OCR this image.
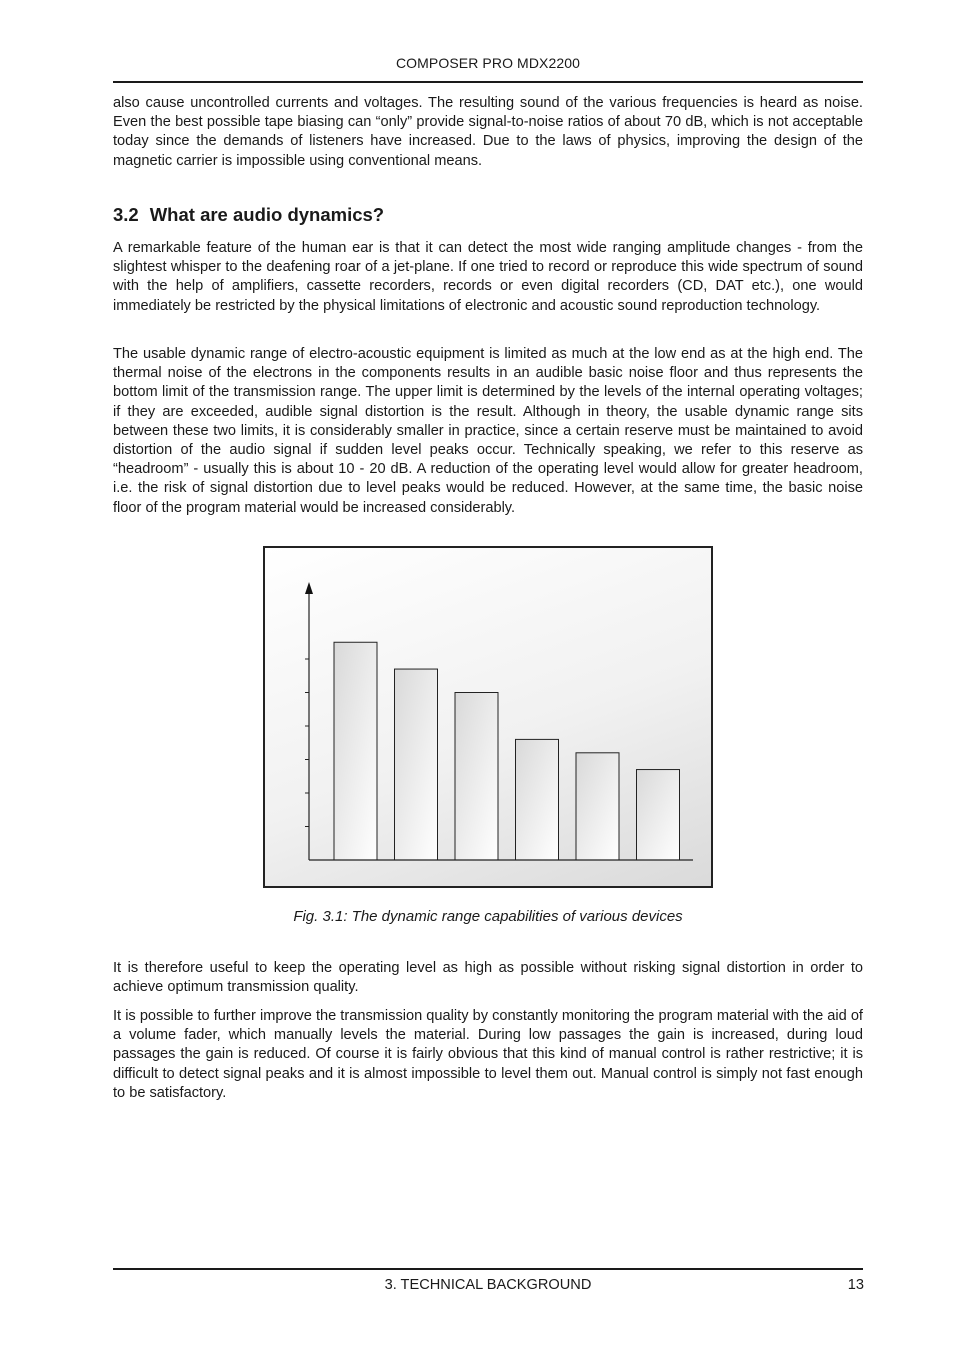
COMPOSER PRO MDX2200

also cause uncontrolled currents and voltages. The resulting sound of the various frequencies is heard as noise. Even the best possible tape biasing can “only” provide signal-to-noise ratios of about 70 dB, which is not acceptable today since the demands of listeners have increased. Due to the laws of physics, improving the design of the magnetic carrier is impossible using conventional means.

3.2 What are audio dynamics?

A remarkable feature of the human ear is that it can detect the most wide ranging amplitude changes - from the slightest whisper to the deafening roar of a jet-plane. If one tried to record or reproduce this wide spectrum of sound with the help of amplifiers, cassette recorders, records or even digital recorders (CD, DAT etc.), one would immediately be restricted by the physical limitations of electronic and acoustic sound reproduction technology.

The usable dynamic range of electro-acoustic equipment is limited as much at the low end as at the high end. The thermal noise of the electrons in the components results in an audible basic noise floor and thus represents the bottom limit of the transmission range. The upper limit is determined by the levels of the internal operating voltages; if they are exceeded, audible signal distortion is the result. Although in theory, the usable dynamic range sits between these two limits, it is considerably smaller in practice, since a certain reserve must be maintained to avoid distortion of the audio signal if sudden level peaks occur. Technically speaking, we refer to this reserve as “headroom” - usually this is about 10 - 20 dB. A reduction of the operating level would allow for greater headroom, i.e. the risk of signal distortion due to level peaks would be reduced. However, at the same time, the basic noise floor of the program material would be increased considerably.

Fig. 3.1: The dynamic range capabilities of various devices

It is therefore useful to keep the operating level as high as possible without risking signal distortion in order to achieve optimum transmission quality.

It is possible to further improve the transmission quality by constantly monitoring the program material with the aid of a volume fader, which manually levels the material. During low passages the gain is increased, during loud passages the gain is reduced. Of course it is fairly obvious that this kind of manual control is rather restrictive; it is difficult to detect signal peaks and it is almost impossible to level them out. Manual control is simply not fast enough to be satisfactory.

3. TECHNICAL BACKGROUND	13
